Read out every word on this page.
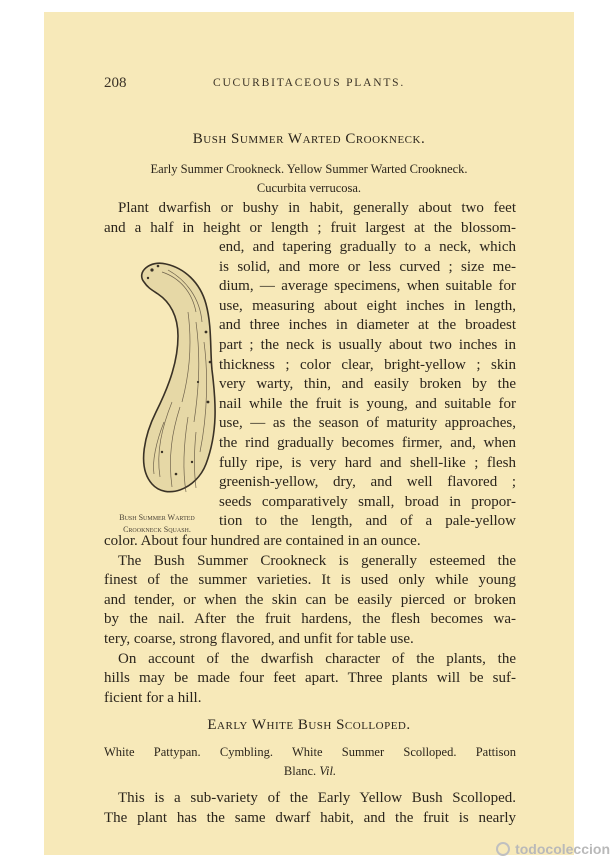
208	CUCURBITACEOUS PLANTS.
Bush Summer Warted Crookneck.
Early Summer Crookneck. Yellow Summer Warted Crookneck.
Cucurbita verrucosa.
Plant dwarfish or bushy in habit, generally about two feet
and a half in height or length ; fruit largest at the blossom-
Bush Summer Warted
Crookneck Squash.
end, and tapering gradually to a neck, which
is solid, and more or less curved ; size me-
dium, — average specimens, when suitable for
use, measuring about eight inches in length,
and three inches in diameter at the broadest
part ; the neck is usually about two inches in
thickness ; color clear, bright-yellow ; skin
very warty, thin, and easily broken by the
nail while the fruit is young, and suitable for
use, — as the season of maturity approaches,
the rind gradually becomes firmer, and, when
fully ripe, is very hard and shell-like ; flesh
greenish-yellow, dry, and well flavored ;
seeds comparatively small, broad in propor-
tion to the length, and of a pale-yellow
color. About four hundred are contained in an ounce.
The Bush Summer Crookneck is generally esteemed the
finest of the summer varieties. It is used only while young
and tender, or when the skin can be easily pierced or broken
by the nail. After the fruit hardens, the flesh becomes wa-
tery, coarse, strong flavored, and unfit for table use.
On account of the dwarfish character of the plants, the
hills may be made four feet apart. Three plants will be suf-
ficient for a hill.
Early White Bush Scolloped.
White Pattypan. Cymbling. White Summer Scolloped. Pattison
Blanc. Vil.
This is a sub-variety of the Early Yellow Bush Scolloped.
The plant has the same dwarf habit, and the fruit is nearly
todocoleccion
